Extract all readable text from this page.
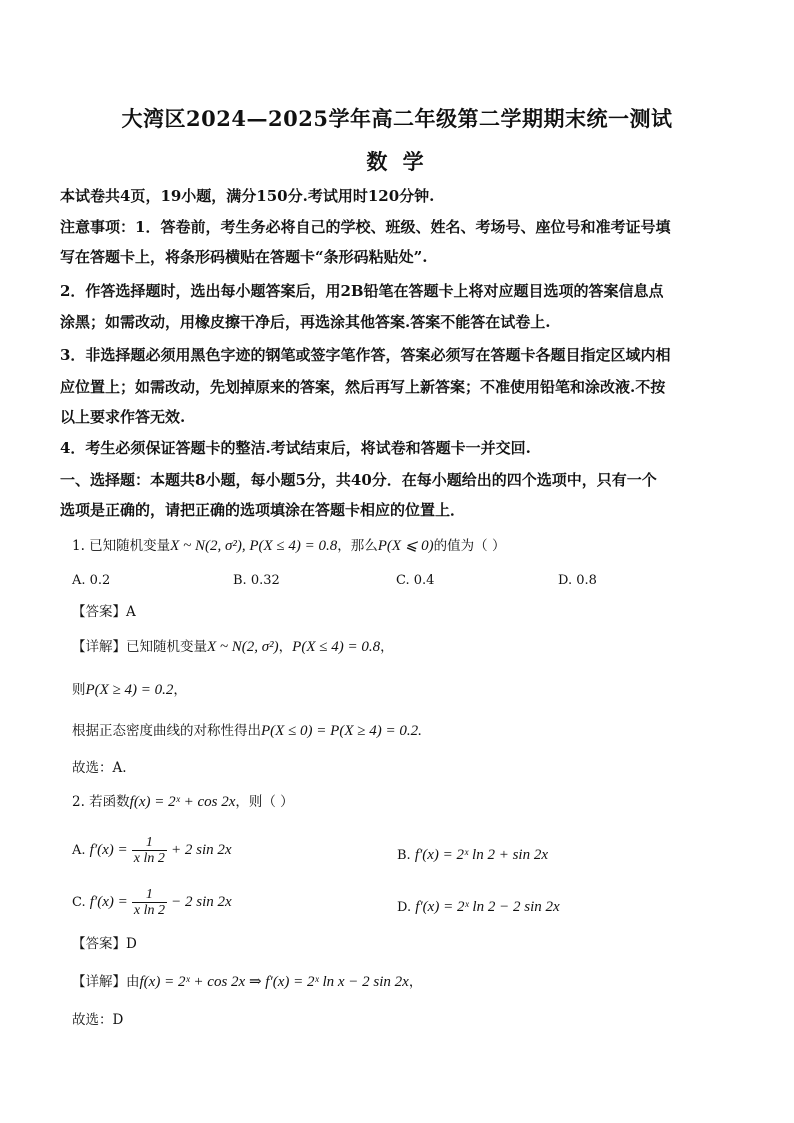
大湾区2024—2025学年高二年级第二学期期末统一测试
数 学
本试卷共4页，19小题，满分150分.考试用时120分钟.
注意事项：1．答卷前，考生务必将自己的学校、班级、姓名、考场号、座位号和准考证号填
写在答题卡上，将条形码横贴在答题卡“条形码粘贴处”.
2．作答选择题时，选出每小题答案后，用2B铅笔在答题卡上将对应题目选项的答案信息点
涂黑；如需改动，用橡皮擦干净后，再选涂其他答案.答案不能答在试卷上.
3．非选择题必须用黑色字迹的钢笔或签字笔作答，答案必须写在答题卡各题目指定区域内相
应位置上；如需改动，先划掉原来的答案，然后再写上新答案；不准使用铅笔和涂改液.不按
以上要求作答无效.
4．考生必须保证答题卡的整洁.考试结束后，将试卷和答题卡一并交回.
一、选择题：本题共8小题，每小题5分，共40分．在每小题给出的四个选项中，只有一个
选项是正确的，请把正确的选项填涂在答题卡相应的位置上．
1. 已知随机变量X ~ N(2, σ²), P(X ≤ 4) = 0.8，那么P(X ⩽ 0)的值为（ ）
A. 0.2	B. 0.32	C. 0.4	D. 0.8
【答案】A
【详解】已知随机变量X ~ N(2, σ²)，P(X ≤ 4) = 0.8，
则P(X ≥ 4) = 0.2，
根据正态密度曲线的对称性得出P(X ≤ 0) = P(X ≥ 4) = 0.2.
故选：A.
2. 若函数f(x) = 2ˣ + cos 2x，则（ ）
A. $f'(x) = \frac{1}{\text{x ln 2}} + 2$ sin 2x	B. f′(x) = 2ˣ ln 2 + sin 2x
C. $f'(x) = \frac{1}{\text{x ln 2}} - 2$ sin 2x	D. f′(x) = 2ˣ ln 2 − 2 sin 2x
【答案】D
【详解】由f(x) = 2ˣ + cos 2x ⇒ f′(x) = 2ˣ ln x − 2 sin 2x，
故选：D
